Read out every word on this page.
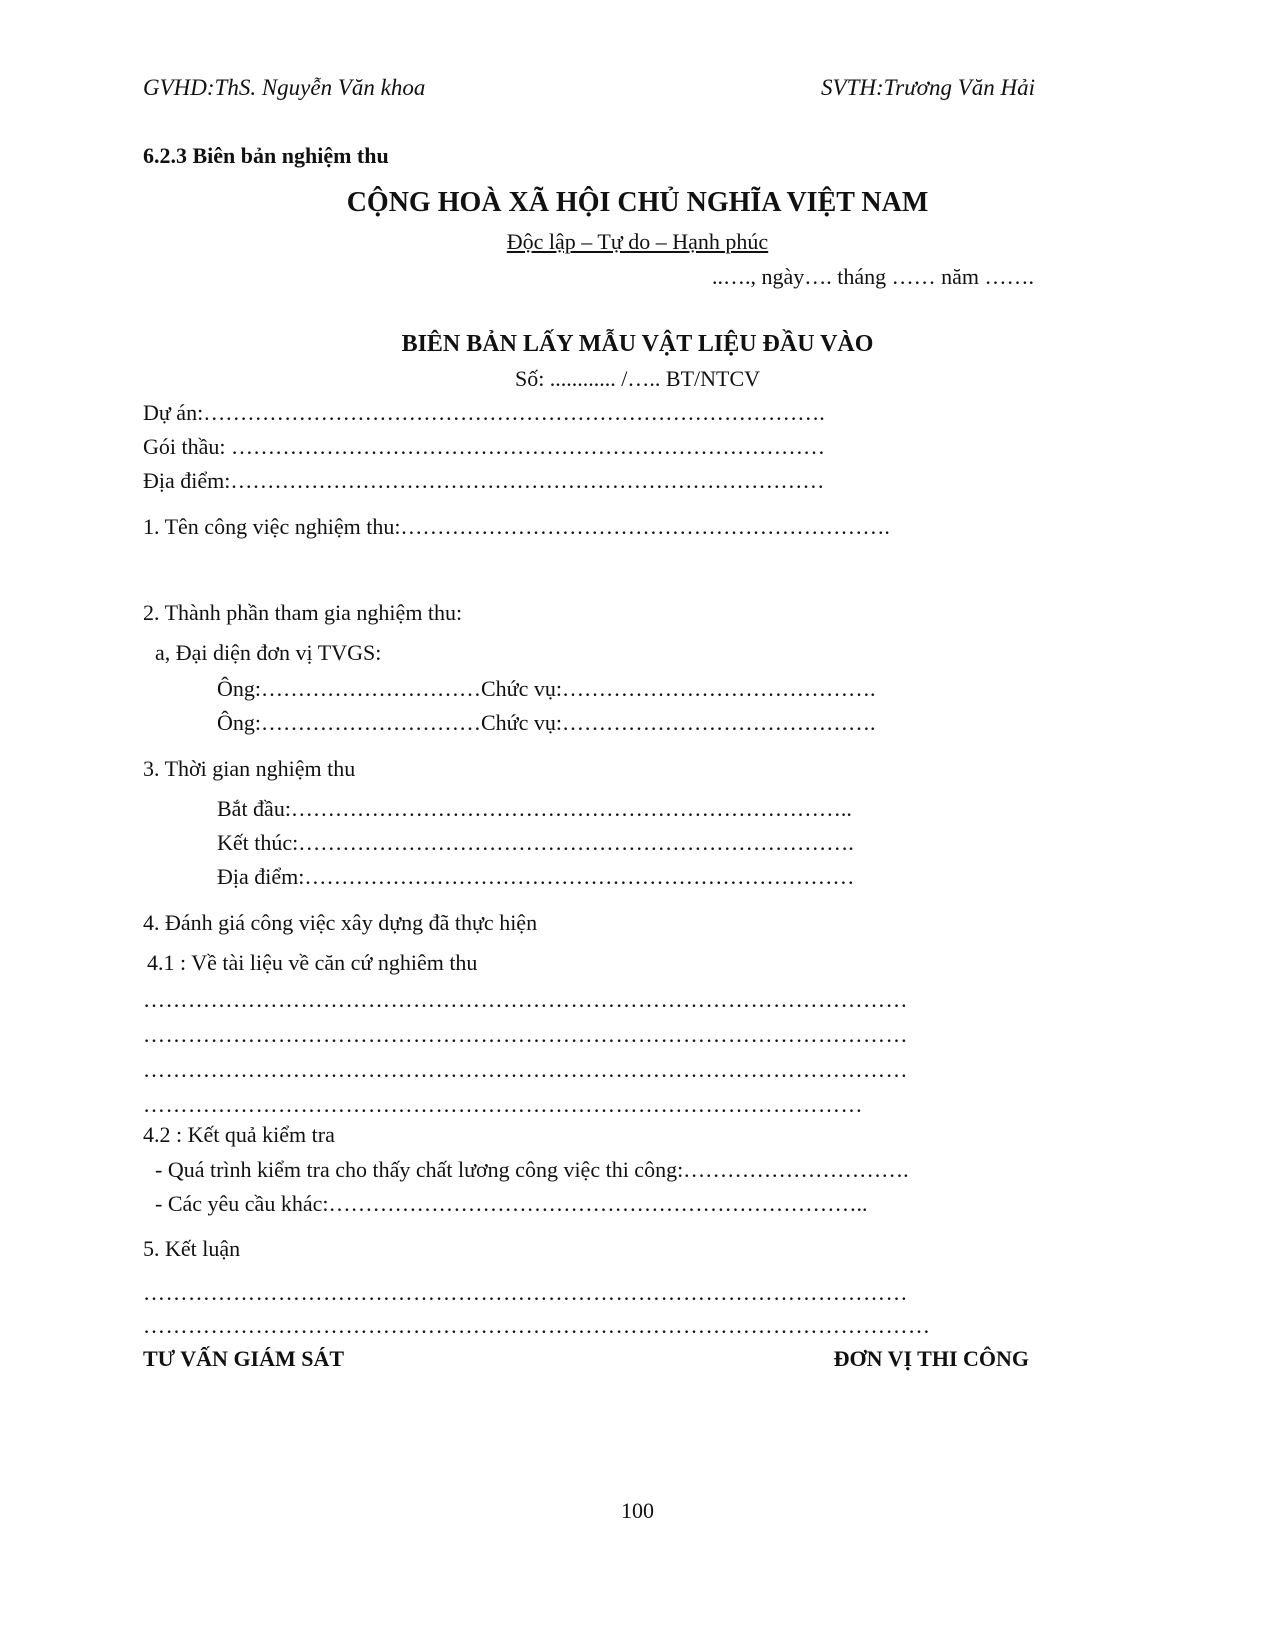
GVHD:ThS. Nguyễn Văn khoa	SVTH:Trương Văn Hải
6.2.3 Biên bản nghiệm thu
CỘNG HOÀ XÃ HỘI CHỦ NGHĨA VIỆT NAM
Độc lập – Tự do – Hạnh phúc
..…., ngày…. tháng …… năm …….
BIÊN BẢN LẤY MẪU VẬT LIỆU ĐẦU VÀO
Số: ............ /….. BT/NTCV
Dự án:………………………………………………………………………….
Gói thầu: ………………………………………………………………………
Địa điểm:………………………………………………………………………
1. Tên công việc nghiệm thu:………………………………………………………….
2. Thành phần tham gia nghiệm thu:
a, Đại diện đơn vị TVGS:
Ông:…………………………Chức vụ:…………………………………….
Ông:…………………………Chức vụ:…………………………………….
3. Thời gian nghiệm thu
Bắt đầu:…………………………………………………………………..
Kết thúc:………………………………………………………………….
Địa điểm:…………………………………………………………………
4. Đánh giá công việc xây dựng đã thực hiện
4.1 : Về tài liệu về căn cứ nghiêm thu
…………………………………………………………………………………………
…………………………………………………………………………………………
…………………………………………………………………………………………
……………………………………………………………………………………
4.2 : Kết quả kiểm tra
- Quá trình kiểm tra cho thấy chất lương công việc thi công:………………………….
- Các yêu cầu khác:………………………………………………………………..
5. Kết luận
…………………………………………………………………………………………
……………………………………………………………………………………………
TƯ VẤN GIÁM SÁT	ĐƠN VỊ THI CÔNG
100
